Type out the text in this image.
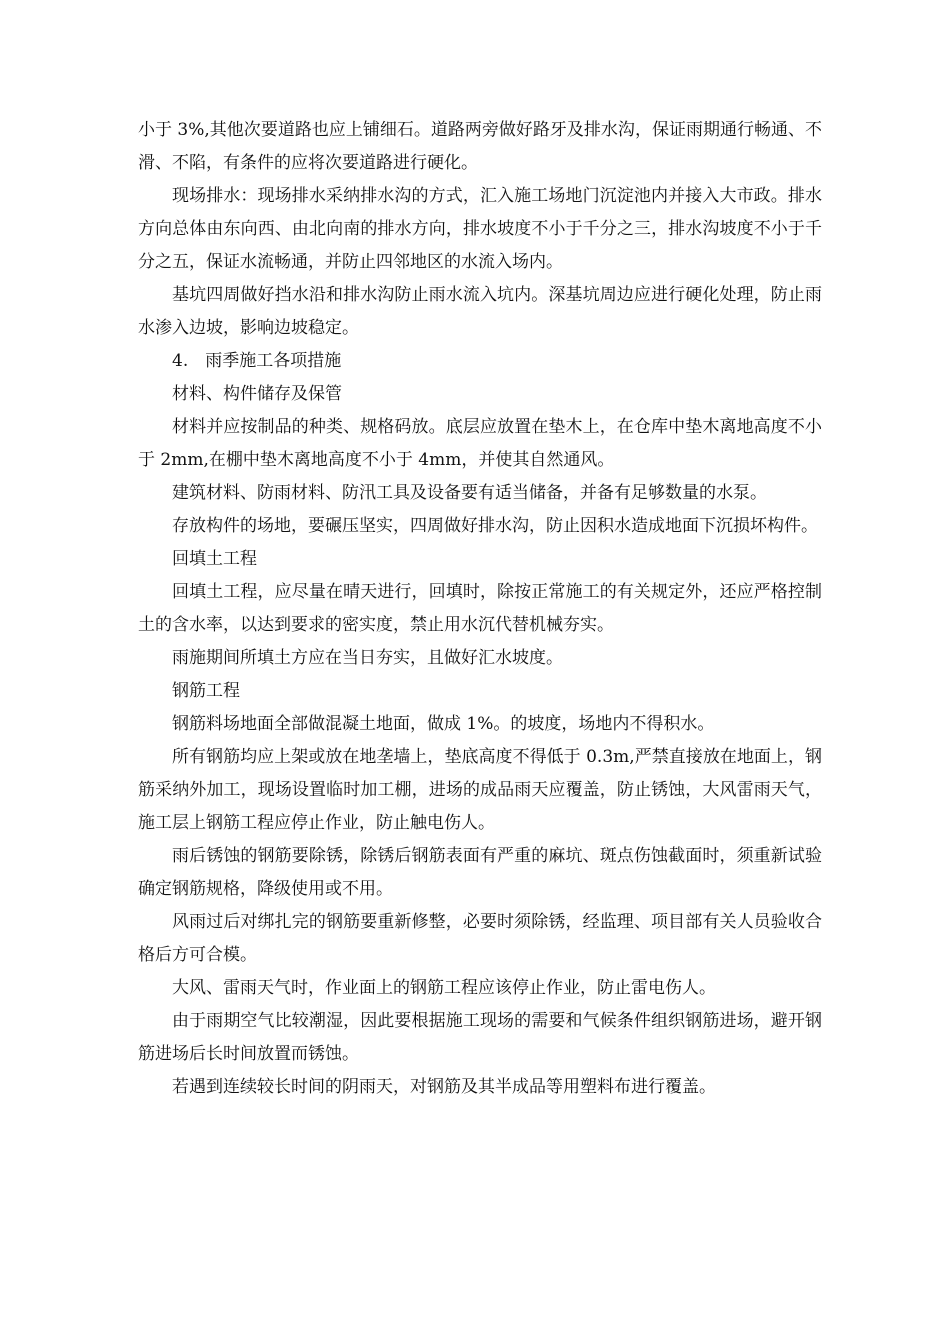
小于 3%,其他次要道路也应上铺细石。道路两旁做好路牙及排水沟，保证雨期通行畅通、不滑、不陷，有条件的应将次要道路进行硬化。

现场排水：现场排水采纳排水沟的方式，汇入施工场地门沉淀池内并接入大市政。排水方向总体由东向西、由北向南的排水方向，排水坡度不小于千分之三，排水沟坡度不小于千分之五，保证水流畅通，并防止四邻地区的水流入场内。

基坑四周做好挡水沿和排水沟防止雨水流入坑内。深基坑周边应进行硬化处理，防止雨水渗入边坡，影响边坡稳定。

4.　雨季施工各项措施

材料、构件储存及保管

材料并应按制品的种类、规格码放。底层应放置在垫木上，在仓库中垫木离地高度不小于 2mm,在棚中垫木离地高度不小于 4mm，并使其自然通风。

建筑材料、防雨材料、防汛工具及设备要有适当储备，并备有足够数量的水泵。

存放构件的场地，要碾压坚实，四周做好排水沟，防止因积水造成地面下沉损坏构件。

回填土工程

回填土工程，应尽量在晴天进行，回填时，除按正常施工的有关规定外，还应严格控制土的含水率，以达到要求的密实度，禁止用水沉代替机械夯实。

雨施期间所填土方应在当日夯实，且做好汇水坡度。

钢筋工程

钢筋料场地面全部做混凝土地面，做成 1%。的坡度，场地内不得积水。

所有钢筋均应上架或放在地垄墙上，垫底高度不得低于 0.3m,严禁直接放在地面上，钢筋采纳外加工，现场设置临时加工棚，进场的成品雨天应覆盖，防止锈蚀，大风雷雨天气，施工层上钢筋工程应停止作业，防止触电伤人。

雨后锈蚀的钢筋要除锈，除锈后钢筋表面有严重的麻坑、斑点伤蚀截面时，须重新试验确定钢筋规格，降级使用或不用。

风雨过后对绑扎完的钢筋要重新修整，必要时须除锈，经监理、项目部有关人员验收合格后方可合模。

大风、雷雨天气时，作业面上的钢筋工程应该停止作业，防止雷电伤人。

由于雨期空气比较潮湿，因此要根据施工现场的需要和气候条件组织钢筋进场，避开钢筋进场后长时间放置而锈蚀。

若遇到连续较长时间的阴雨天，对钢筋及其半成品等用塑料布进行覆盖。
